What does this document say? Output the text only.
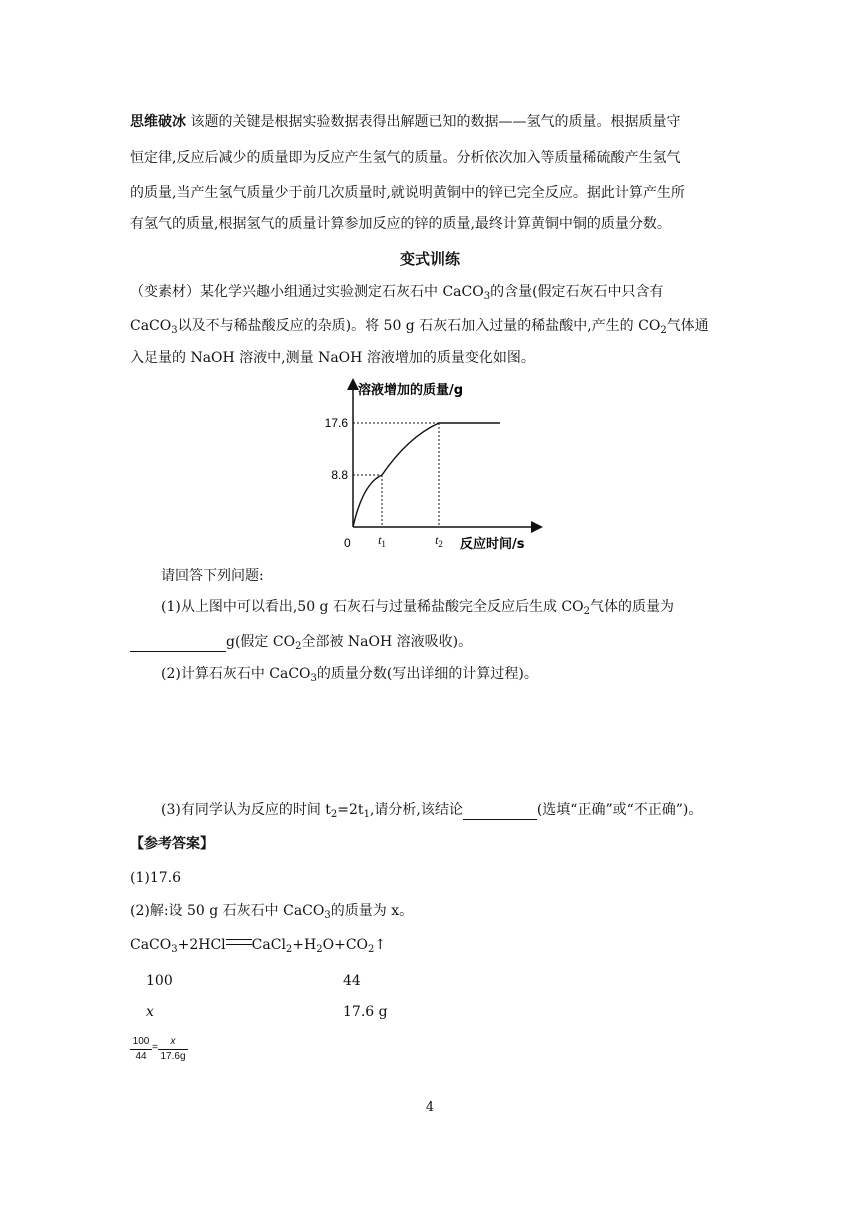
思维破冰 该题的关键是根据实验数据表得出解题已知的数据——氢气的质量。根据质量守
恒定律,反应后减少的质量即为反应产生氢气的质量。分析依次加入等质量稀硫酸产生氢气
的质量,当产生氢气质量少于前几次质量时,就说明黄铜中的锌已完全反应。据此计算产生所
有氢气的质量,根据氢气的质量计算参加反应的锌的质量,最终计算黄铜中铜的质量分数。
变式训练
（变素材）某化学兴趣小组通过实验测定石灰石中 CaCO$_3$的含量(假定石灰石中只含有
CaCO$_3$以及不与稀盐酸反应的杂质)。将 50 g 石灰石加入过量的稀盐酸中,产生的 $CO_2$气体通
入足量的 NaOH 溶液中,测量 NaOH 溶液增加的质量变化如图。
溶液增加的质量/g
反应时间/s
0
8.8
17.6
$t_1$	$t_2$
请回答下列问题:
(1)从上图中可以看出,50 g 石灰石与过量稀盐酸完全反应后生成 $CO_2$气体的质量为
g(假定 $CO_2$全部被 NaOH 溶液吸收)。
(2)计算石灰石中 CaCO$_3$的质量分数(写出详细的计算过程)。
(3)有同学认为反应的时间 $t_2=2t_1$,请分析,该结论	(选填“正确”或“不正确”)。
【参考答案】
(1)17.6
(2)解:设 50 g 石灰石中 CaCO$_3$的质量为 x。
CaCO$_3$+2HCl $CaCl_2+H_2O+CO_2↑$
100	44
x	17.6 g
100
44
=
x
17.6g
4
